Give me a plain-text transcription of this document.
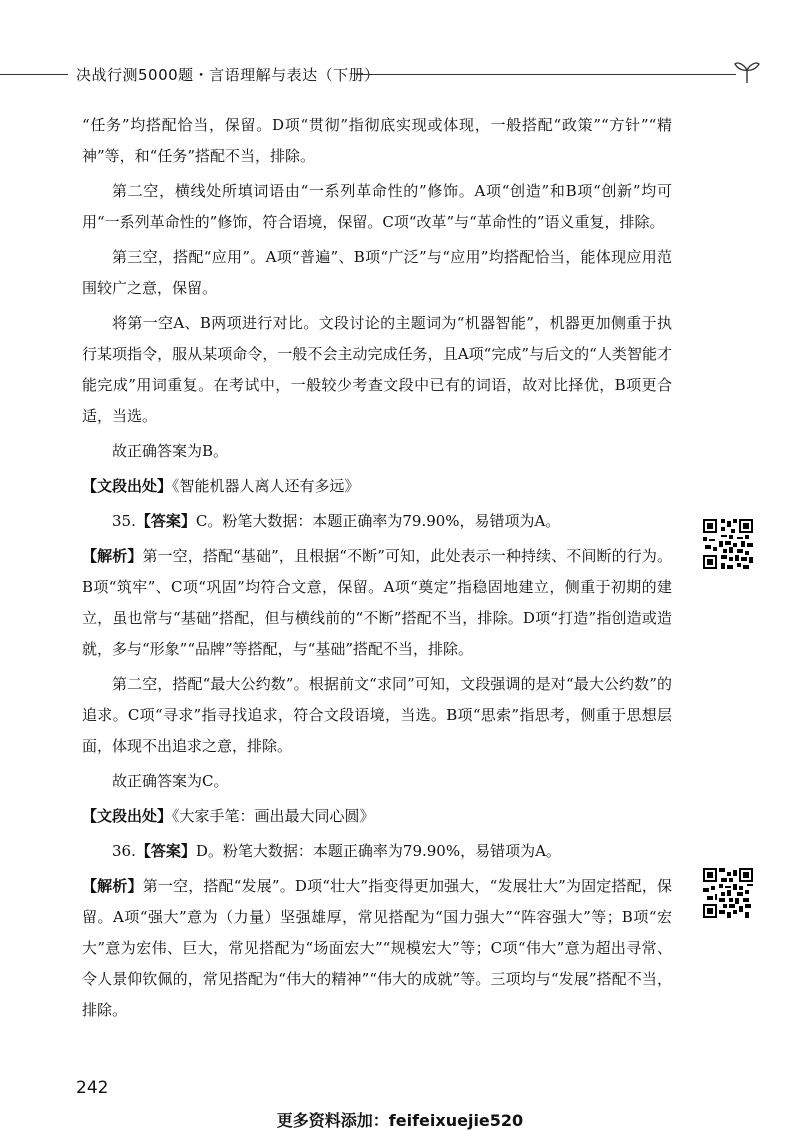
决战行测5000题・言语理解与表达（下册）

“任务”均搭配恰当，保留。D项“贯彻”指彻底实现或体现，一般搭配“政策”“方针”“精神”等，和“任务”搭配不当，排除。

第二空，横线处所填词语由“一系列革命性的”修饰。A项“创造”和B项“创新”均可用“一系列革命性的”修饰，符合语境，保留。C项“改革”与“革命性的”语义重复，排除。

第三空，搭配“应用”。A项“普遍”、B项“广泛”与“应用”均搭配恰当，能体现应用范围较广之意，保留。

将第一空A、B两项进行对比。文段讨论的主题词为“机器智能”，机器更加侧重于执行某项指令，服从某项命令，一般不会主动完成任务，且A项“完成”与后文的“人类智能才能完成”用词重复。在考试中，一般较少考查文段中已有的词语，故对比择优，B项更合适，当选。

故正确答案为B。

【文段出处】《智能机器人离人还有多远》

35.【答案】C。粉笔大数据：本题正确率为79.90%，易错项为A。

【解析】第一空，搭配“基础”，且根据“不断”可知，此处表示一种持续、不间断的行为。B项“筑牢”、C项“巩固”均符合文意，保留。A项“奠定”指稳固地建立，侧重于初期的建立，虽也常与“基础”搭配，但与横线前的“不断”搭配不当，排除。D项“打造”指创造或造就，多与“形象”“品牌”等搭配，与“基础”搭配不当，排除。

第二空，搭配“最大公约数”。根据前文“求同”可知，文段强调的是对“最大公约数”的追求。C项“寻求”指寻找追求，符合文段语境，当选。B项“思索”指思考，侧重于思想层面，体现不出追求之意，排除。

故正确答案为C。

【文段出处】《大家手笔：画出最大同心圆》

36.【答案】D。粉笔大数据：本题正确率为79.90%，易错项为A。

【解析】第一空，搭配“发展”。D项“壮大”指变得更加强大，“发展壮大”为固定搭配，保留。A项“强大”意为（力量）坚强雄厚，常见搭配为“国力强大”“阵容强大”等；B项“宏大”意为宏伟、巨大，常见搭配为“场面宏大”“规模宏大”等；C项“伟大”意为超出寻常、令人景仰钦佩的，常见搭配为“伟大的精神”“伟大的成就”等。三项均与“发展”搭配不当，排除。

242
更多资料添加：feifeixuejie520
